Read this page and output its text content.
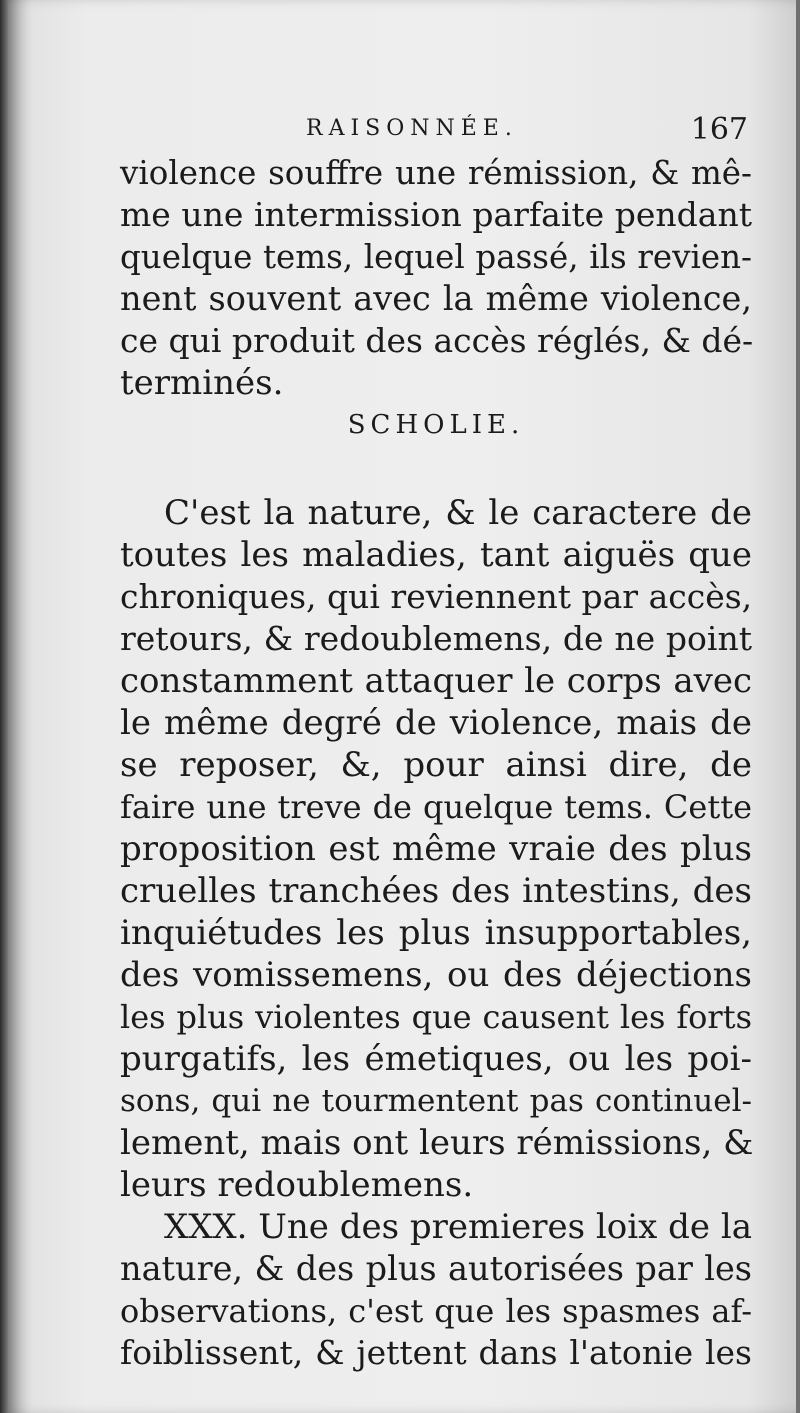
RAISONNÉE.	167
violence souffre une rémission, & mê-
me une intermission parfaite pendant
quelque tems, lequel passé, ils revien-
nent souvent avec la même violence,
ce qui produit des accès réglés, & dé-
terminés.
SCHOLIE.
C'est la nature, & le caractere de
toutes les maladies, tant aiguës que
chroniques, qui reviennent par accès,
retours, & redoublemens, de ne point
constamment attaquer le corps avec
le même degré de violence, mais de
se reposer, &, pour ainsi dire, de
faire une treve de quelque tems. Cette
proposition est même vraie des plus
cruelles tranchées des intestins, des
inquiétudes les plus insupportables,
des vomissemens, ou des déjections
les plus violentes que causent les forts
purgatifs, les émetiques, ou les poi-
sons, qui ne tourmentent pas continuel-
lement, mais ont leurs rémissions, &
leurs redoublemens.
XXX. Une des premieres loix de la
nature, & des plus autorisées par les
observations, c'est que les spasmes af-
foiblissent, & jettent dans l'atonie les
